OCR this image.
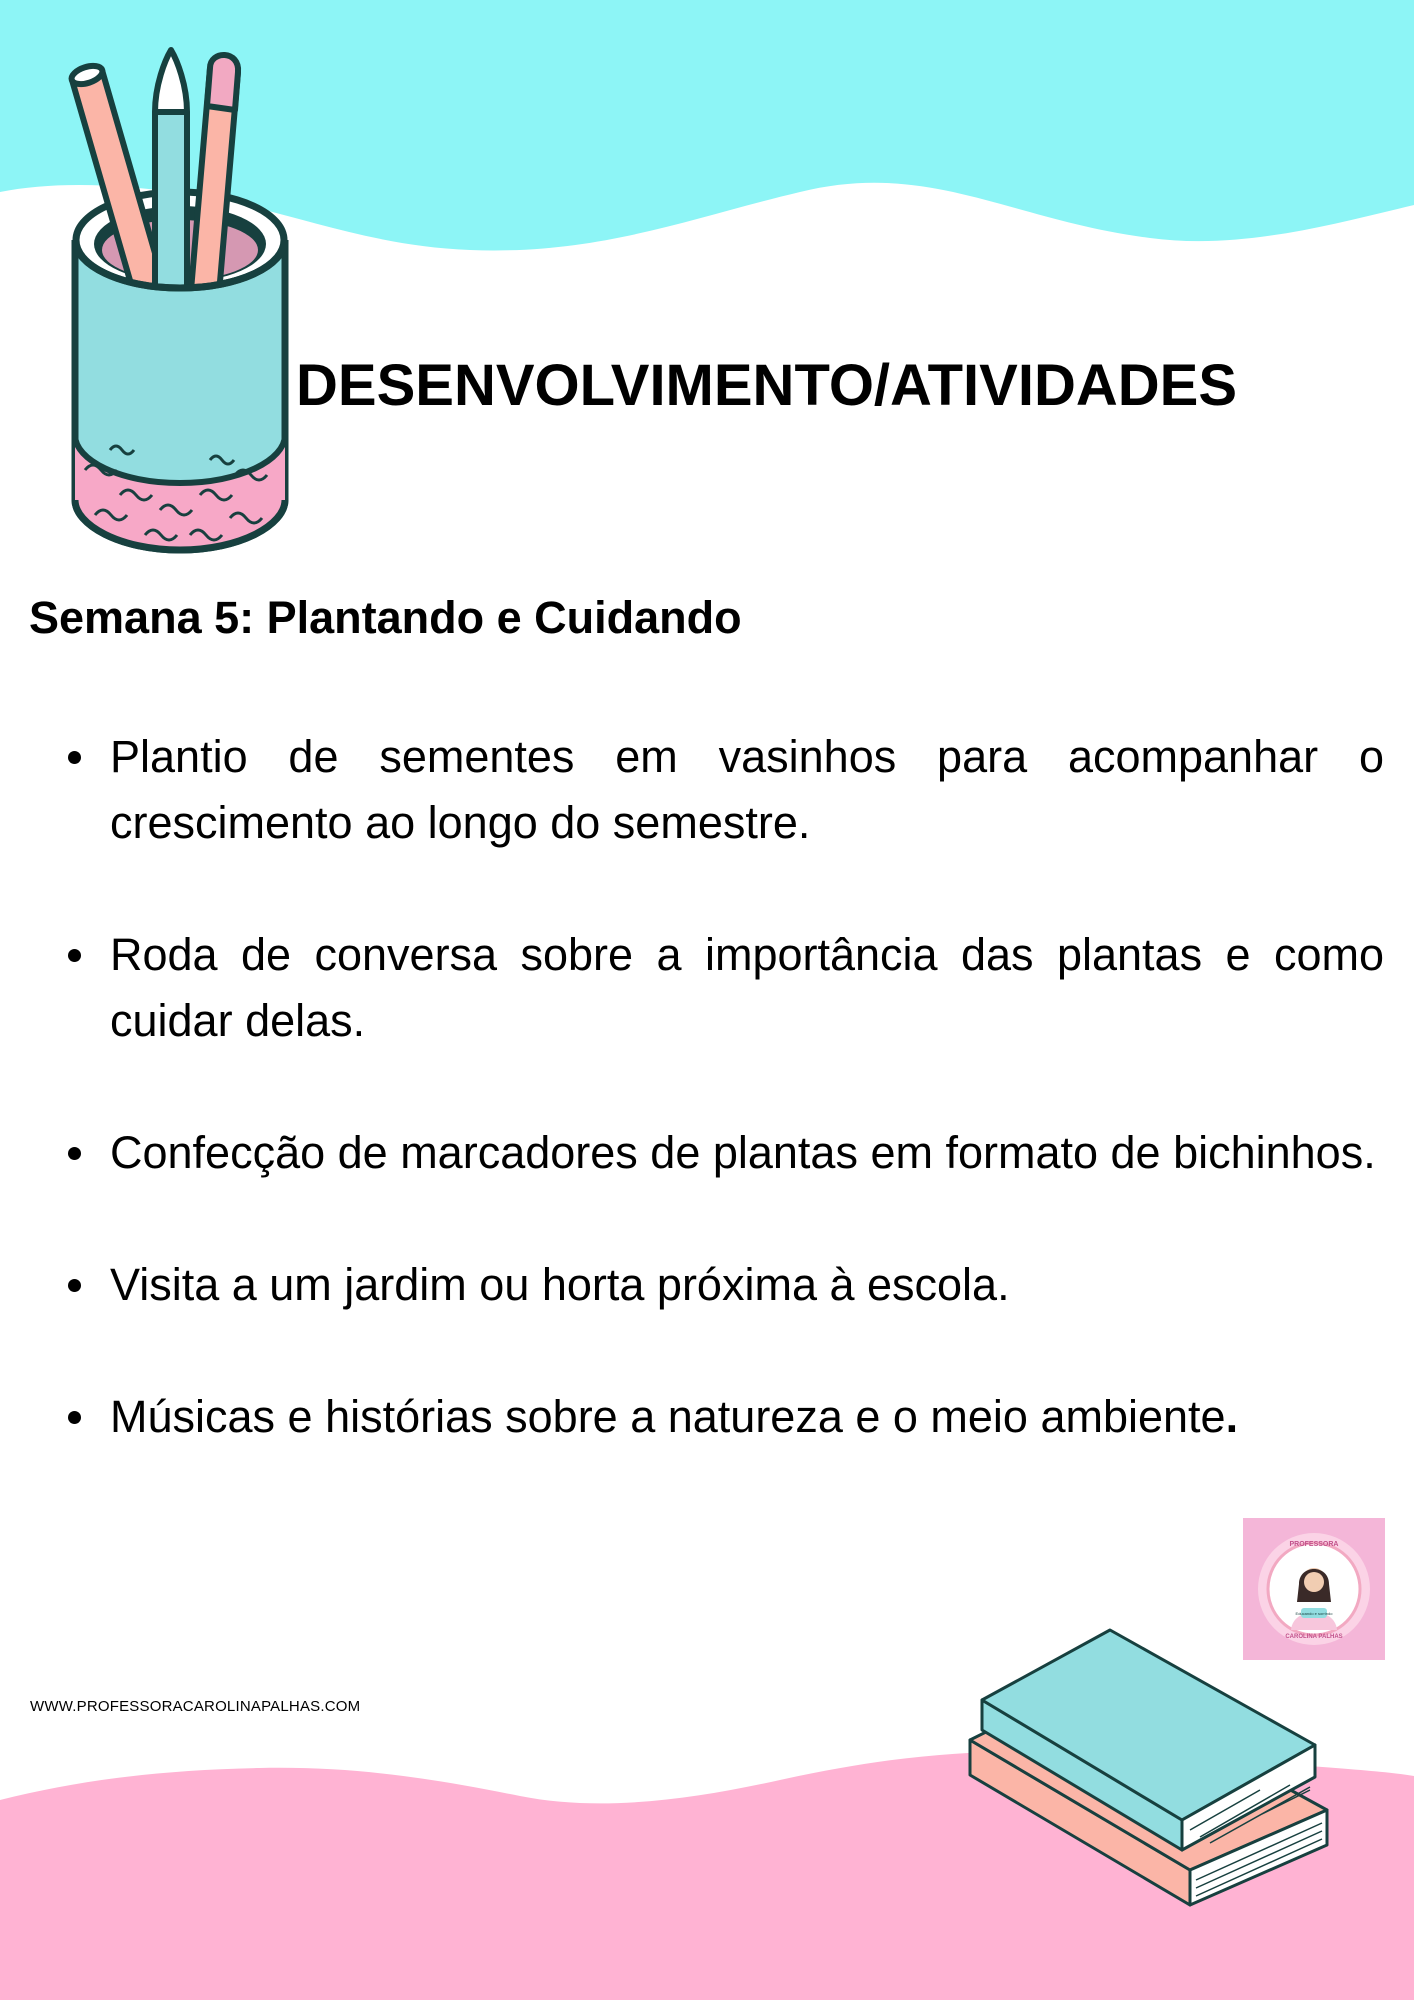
DESENVOLVIMENTO/ATIVIDADES
Semana 5: Plantando e Cuidando
Plantio de sementes em vasinhos para acompanhar o crescimento ao longo do semestre.
Roda de conversa sobre a importância das plantas e como cuidar delas.
Confecção de marcadores de plantas em formato de bichinhos.
Visita a um jardim ou horta próxima à escola.
Músicas e histórias sobre a natureza e o meio ambiente.
PROFESSORA
Educando e sorrindo
CAROLINA PALHAS

WWW.PROFESSORACAROLINAPALHAS.COM
